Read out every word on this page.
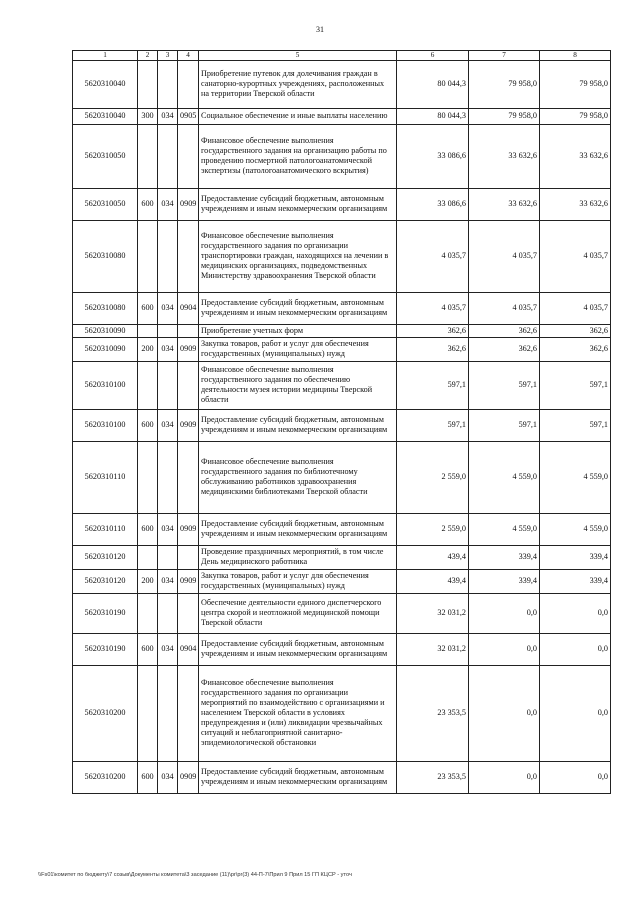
31
1	2	3	4	5	6	7	8
5620310040				Приобретение путевок для долечивания граждан в санаторно-курортных учреждениях, расположенных на территории Тверской области	80 044,3	79 958,0	79 958,0
5620310040	300	034	0905	Социальное обеспечение и иные выплаты населению	80 044,3	79 958,0	79 958,0
5620310050				Финансовое обеспечение выполнения государственного задания на организацию работы по проведению посмертной патологоанатомической экспертизы (патологоанатомического вскрытия)	33 086,6	33 632,6	33 632,6
5620310050	600	034	0909	Предоставление субсидий бюджетным, автономным учреждениям и иным некоммерческим организациям	33 086,6	33 632,6	33 632,6
5620310080				Финансовое обеспечение выполнения государственного задания по организации транспортировки граждан, находящихся на лечении в медицинских организациях, подведомственных Министерству здравоохранения Тверской области	4 035,7	4 035,7	4 035,7
5620310080	600	034	0904	Предоставление субсидий бюджетным, автономным учреждениям и иным некоммерческим организациям	4 035,7	4 035,7	4 035,7
5620310090				Приобретение учетных форм	362,6	362,6	362,6
5620310090	200	034	0909	Закупка товаров, работ и услуг для обеспечения государственных (муниципальных) нужд	362,6	362,6	362,6
5620310100				Финансовое обеспечение выполнения государственного задания по обеспечению деятельности музея истории медицины Тверской области	597,1	597,1	597,1
5620310100	600	034	0909	Предоставление субсидий бюджетным, автономным учреждениям и иным некоммерческим организациям	597,1	597,1	597,1
5620310110				Финансовое обеспечение выполнения государственного задания по библиотечному обслуживанию работников здравоохранения медицинскими библиотеками Тверской области	2 559,0	4 559,0	4 559,0
5620310110	600	034	0909	Предоставление субсидий бюджетным, автономным учреждениям и иным некоммерческим организациям	2 559,0	4 559,0	4 559,0
5620310120				Проведение праздничных мероприятий, в том числе День медицинского работника	439,4	339,4	339,4
5620310120	200	034	0909	Закупка товаров, работ и услуг для обеспечения государственных (муниципальных) нужд	439,4	339,4	339,4
5620310190				Обеспечение деятельности единого диспетчерского центра скорой и неотложной медицинской помощи Тверской области	32 031,2	0,0	0,0
5620310190	600	034	0904	Предоставление субсидий бюджетным, автономным учреждениям и иным некоммерческим организациям	32 031,2	0,0	0,0
5620310200				Финансовое обеспечение выполнения государственного задания по организации мероприятий по взаимодействию с организациями и населением Тверской области в условиях предупреждения и (или) ликвидации чрезвычайных ситуаций и неблагоприятной санитарно-эпидемиологической обстановки	23 353,5	0,0	0,0
5620310200	600	034	0909	Предоставление субсидий бюджетным, автономным учреждениям и иным некоммерческим организациям	23 353,5	0,0	0,0
\\Fs01\комитет по бюджету\7 созыв\Документы комитета\3 заседание (11)\pr\pr(3) 44-П-7\Прил 9 Прил 15 ГП КЦСР - уточ
